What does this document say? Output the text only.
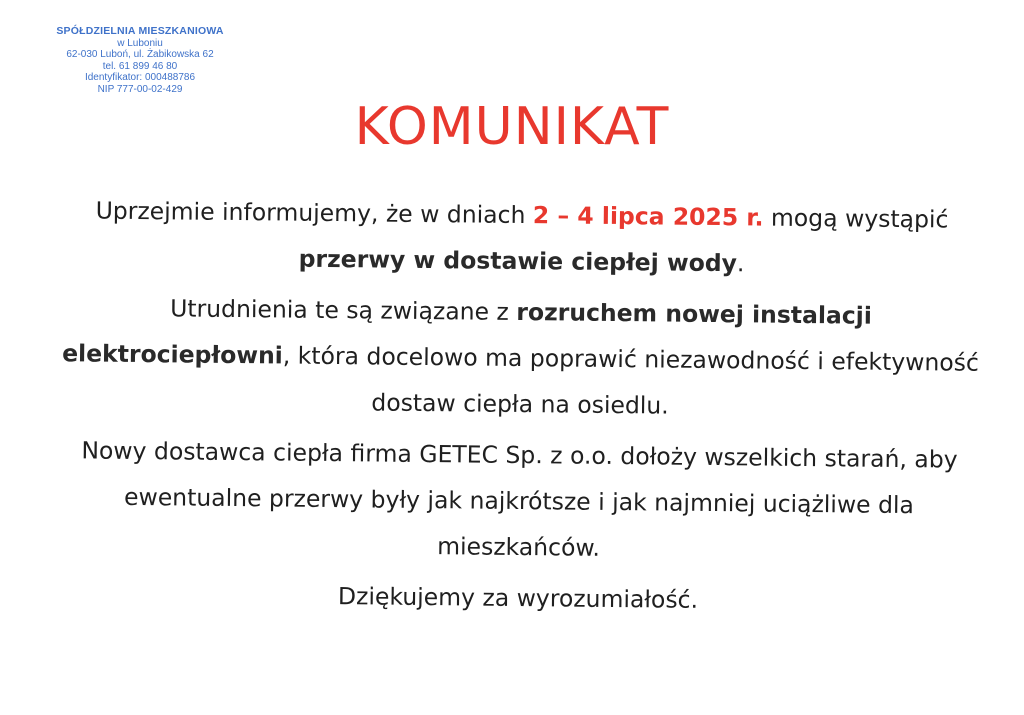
SPÓŁDZIELNIA MIESZKANIOWA
w Luboniu
62-030 Luboń, ul. Żabikowska 62
tel. 61 899 46 80
Identyfikator: 000488786
NIP 777-00-02-429
KOMUNIKAT

Uprzejmie informujemy, że w dniach 2 – 4 lipca 2025 r. mogą wystąpić przerwy w dostawie ciepłej wody.

Utrudnienia te są związane z rozruchem nowej instalacji elektrociepłowni, która docelowo ma poprawić niezawodność i efektywność dostaw ciepła na osiedlu.

Nowy dostawca ciepła firma GETEC Sp. z o.o. dołoży wszelkich starań, aby ewentualne przerwy były jak najkrótsze i jak najmniej uciążliwe dla mieszkańców.

Dziękujemy za wyrozumiałość.
